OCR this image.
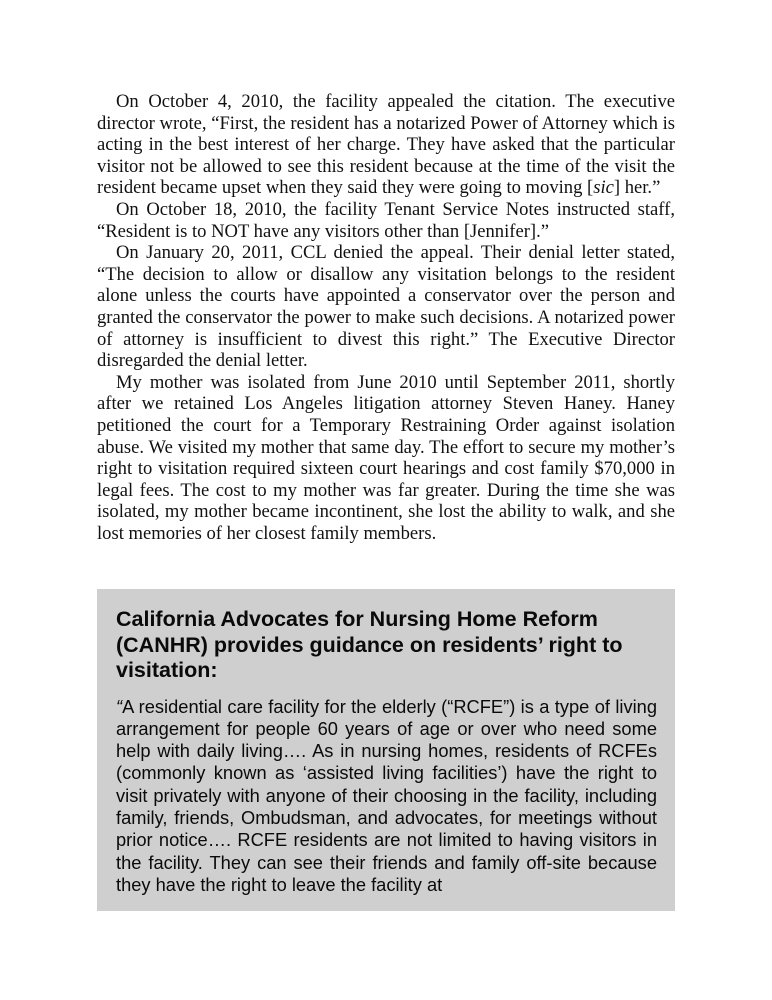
On October 4, 2010, the facility appealed the citation. The executive director wrote, “First, the resident has a notarized Power of Attorney which is acting in the best interest of her charge. They have asked that the particular visitor not be allowed to see this resident because at the time of the visit the resident became upset when they said they were going to moving [sic] her.”

On October 18, 2010, the facility Tenant Service Notes instructed staff, “Resident is to NOT have any visitors other than [Jennifer].”

On January 20, 2011, CCL denied the appeal. Their denial letter stated, “The decision to allow or disallow any visitation belongs to the resident alone unless the courts have appointed a conservator over the person and granted the conservator the power to make such decisions. A notarized power of attorney is insufficient to divest this right.” The Executive Director disregarded the denial letter.

My mother was isolated from June 2010 until September 2011, shortly after we retained Los Angeles litigation attorney Steven Haney. Haney petitioned the court for a Temporary Restraining Order against isolation abuse. We visited my mother that same day. The effort to secure my mother’s right to visitation required sixteen court hearings and cost family $70,000 in legal fees. The cost to my mother was far greater. During the time she was isolated, my mother became incontinent, she lost the ability to walk, and she lost memories of her closest family members.

California Advocates for Nursing Home Reform (CANHR) provides guidance on residents’ right to visitation:

“A residential care facility for the elderly (“RCFE”) is a type of living arrangement for people 60 years of age or over who need some help with daily living…. As in nursing homes, residents of RCFEs (commonly known as ‘assisted living facilities’) have the right to visit privately with anyone of their choosing in the facility, including family, friends, Ombudsman, and advocates, for meetings without prior notice…. RCFE residents are not limited to having visitors in the facility. They can see their friends and family off-site because they have the right to leave the facility at
